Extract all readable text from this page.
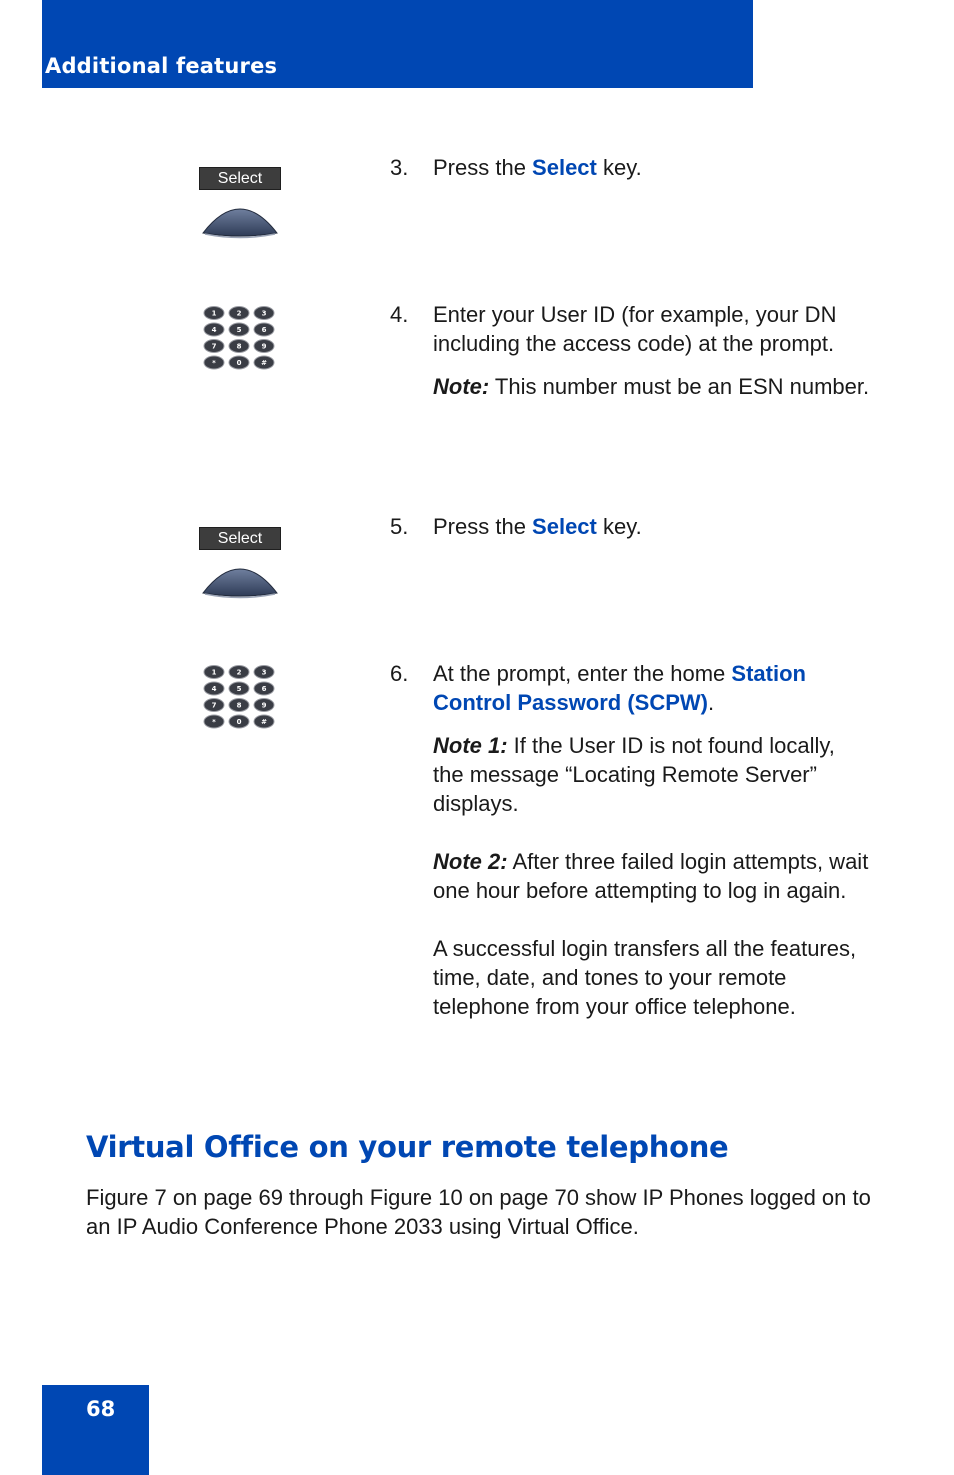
Additional features
Select	3. Press the Select key.

1	2	3
4	5	6
7	8	9
*	0	#
4. Enter your User ID (for example, your DN including the access code) at the prompt.

Note: This number must be an ESN number.

Select	5. Press the Select key.

1	2	3
4	5	6
7	8	9
*	0	#
6. At the prompt, enter the home Station Control Password (SCPW).

Note 1: If the User ID is not found locally, the message “Locating Remote Server” displays.

Note 2: After three failed login attempts, wait one hour before attempting to log in again.

A successful login transfers all the features, time, date, and tones to your remote telephone from your office telephone.

Virtual Office on your remote telephone

Figure 7 on page 69 through Figure 10 on page 70 show IP Phones logged on to an IP Audio Conference Phone 2033 using Virtual Office.

68
